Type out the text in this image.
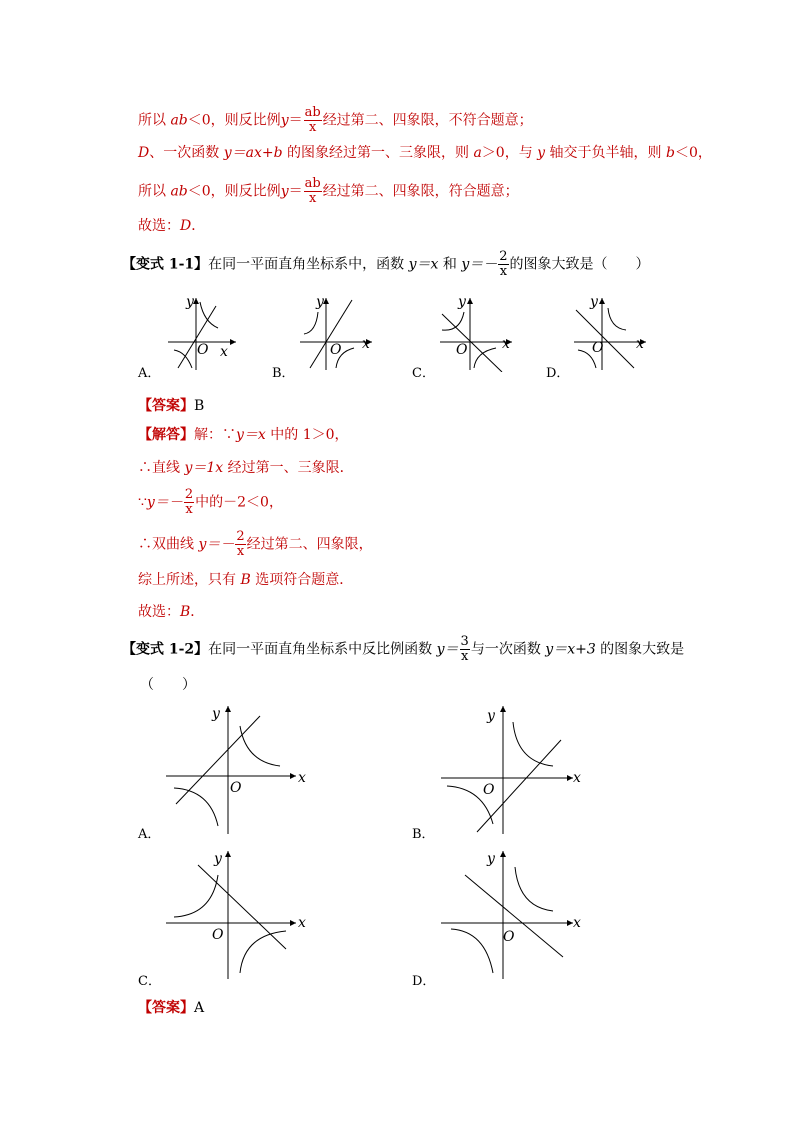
所以 ab＜0，则反比例$y= \frac{ab}{x}$ 经过第二、四象限，不符合题意；
D、一次函数 y＝ax+b 的图象经过第一、三象限，则 a＞0，与 y 轴交于负半轴，则 b＜0，
所以 ab＜0，则反比例$y= \frac{ab}{x}$ 经过第二、四象限，符合题意；
故选：D．
【变式 1-1】在同一平面直角坐标系中，函数 y＝x 和 $y=- \frac{2}{x}$ 的图象大致是（　　）
y
O x
A．
y
O x
B．
y
O x
C．
y
O x
D．
【答案】B
【解答】解：∵y＝x 中的 1＞0，
∴直线 y＝1x 经过第一、三象限．
∵y＝－ $\frac{2}{x}$ 中的－2＜0，
∴双曲线 $y=- \frac{2}{x}$ 经过第二、四象限，
综上所述，只有 B 选项符合题意．
故选：B．
【变式 1-2】在同一平面直角坐标系中反比例函数 $y= \frac{3}{x}$ 与一次函数 y＝x+3 的图象大致是
（　　）
y
O
x
A．
y
O
x
B．
y
O
x
C．
y
O
x
D．
【答案】A
